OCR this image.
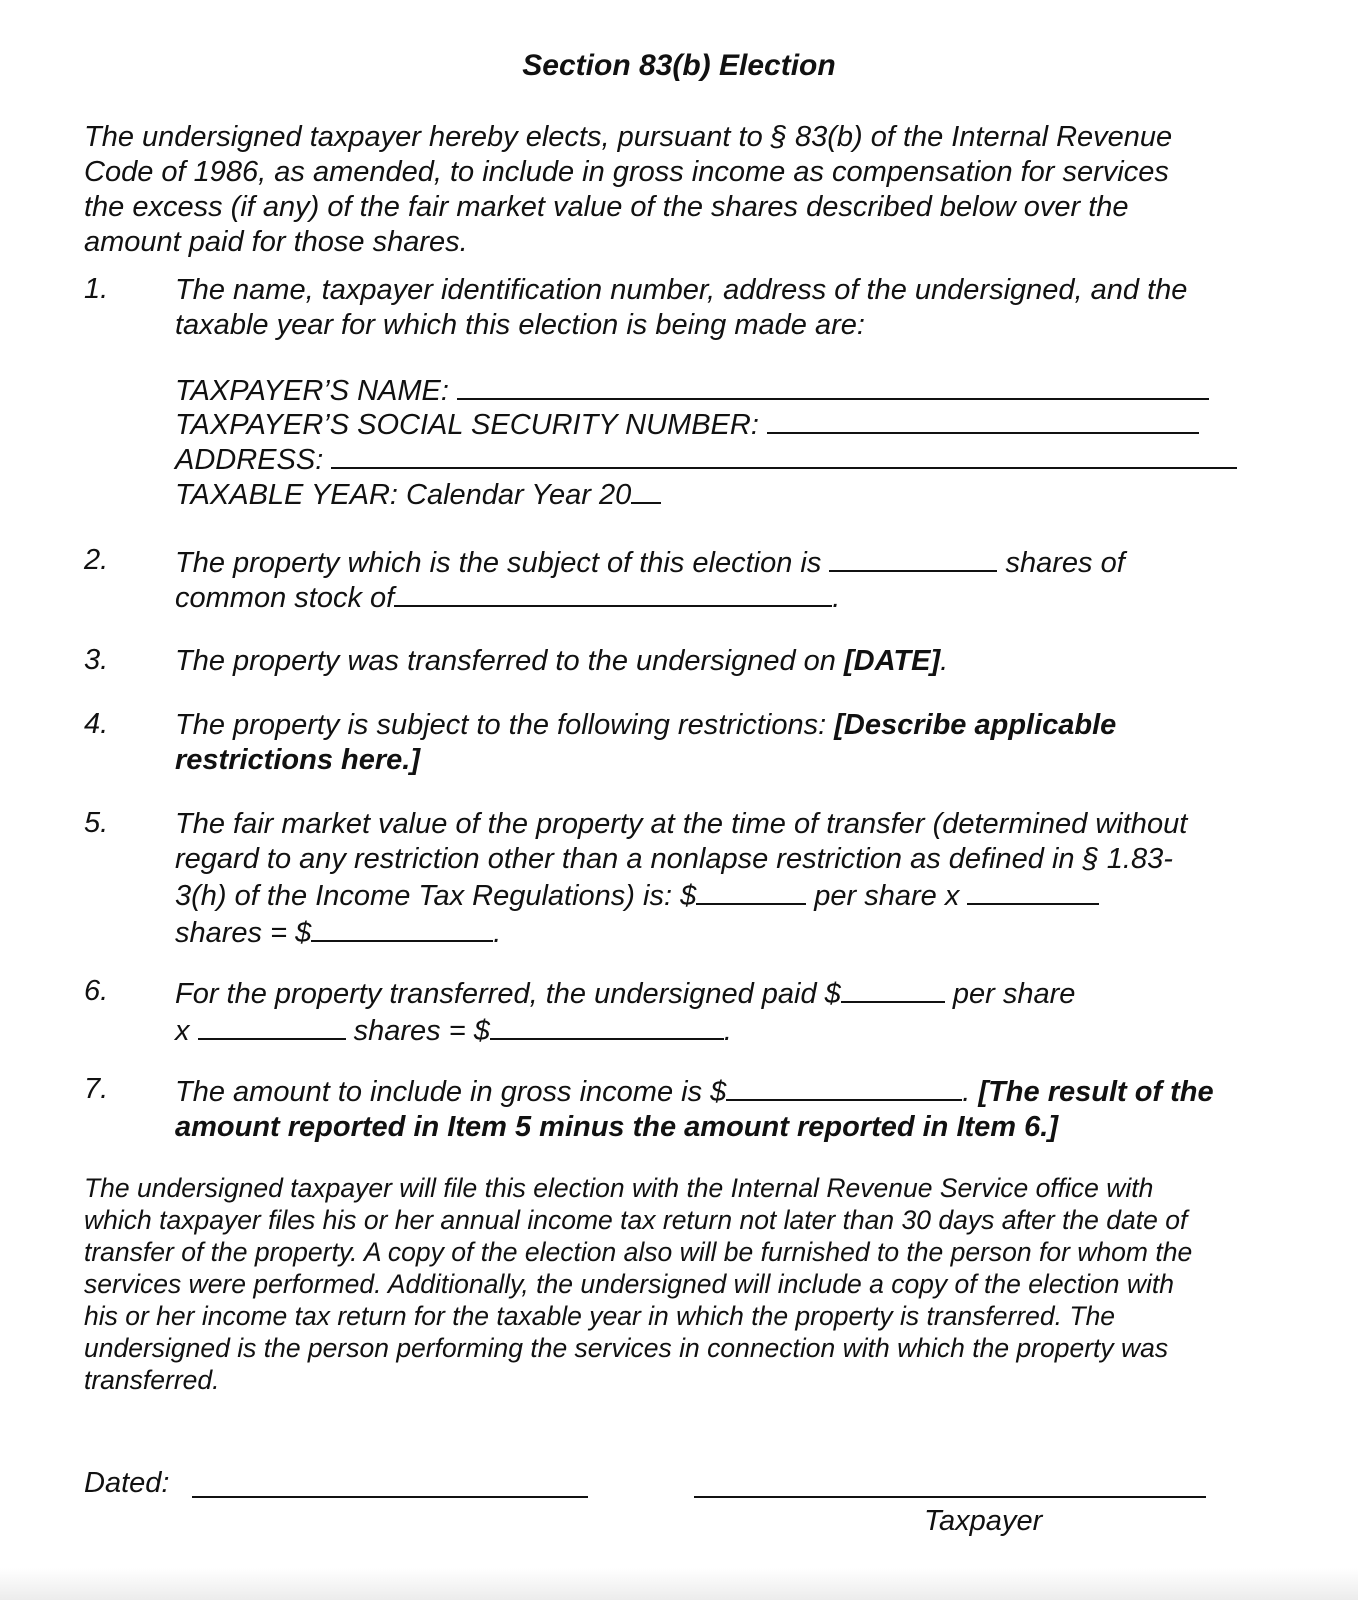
Section 83(b) Election
The undersigned taxpayer hereby elects, pursuant to § 83(b) of the Internal Revenue
Code of 1986, as amended, to include in gross income as compensation for services
the excess (if any) of the fair market value of the shares described below over the
amount paid for those shares.
1. The name, taxpayer identification number, address of the undersigned, and the
taxable year for which this election is being made are:
TAXPAYER’S NAME:
TAXPAYER’S SOCIAL SECURITY NUMBER:
ADDRESS:
TAXABLE YEAR: Calendar Year 20
2. The property which is the subject of this election is	shares of
common stock of	.
3. The property was transferred to the undersigned on [DATE].
4. The property is subject to the following restrictions: [Describe applicable
restrictions here.]
5. The fair market value of the property at the time of transfer (determined without
regard to any restriction other than a nonlapse restriction as defined in § 1.83-
3(h) of the Income Tax Regulations) is: $	per share x
shares = $	.
6. For the property transferred, the undersigned paid $	per share
x	shares = $	.
7. The amount to include in gross income is $	. [The result of the
amount reported in Item 5 minus the amount reported in Item 6.]
The undersigned taxpayer will file this election with the Internal Revenue Service office with
which taxpayer files his or her annual income tax return not later than 30 days after the date of
transfer of the property. A copy of the election also will be furnished to the person for whom the
services were performed. Additionally, the undersigned will include a copy of the election with
his or her income tax return for the taxable year in which the property is transferred. The
undersigned is the person performing the services in connection with which the property was
transferred.
Dated:
Taxpayer
